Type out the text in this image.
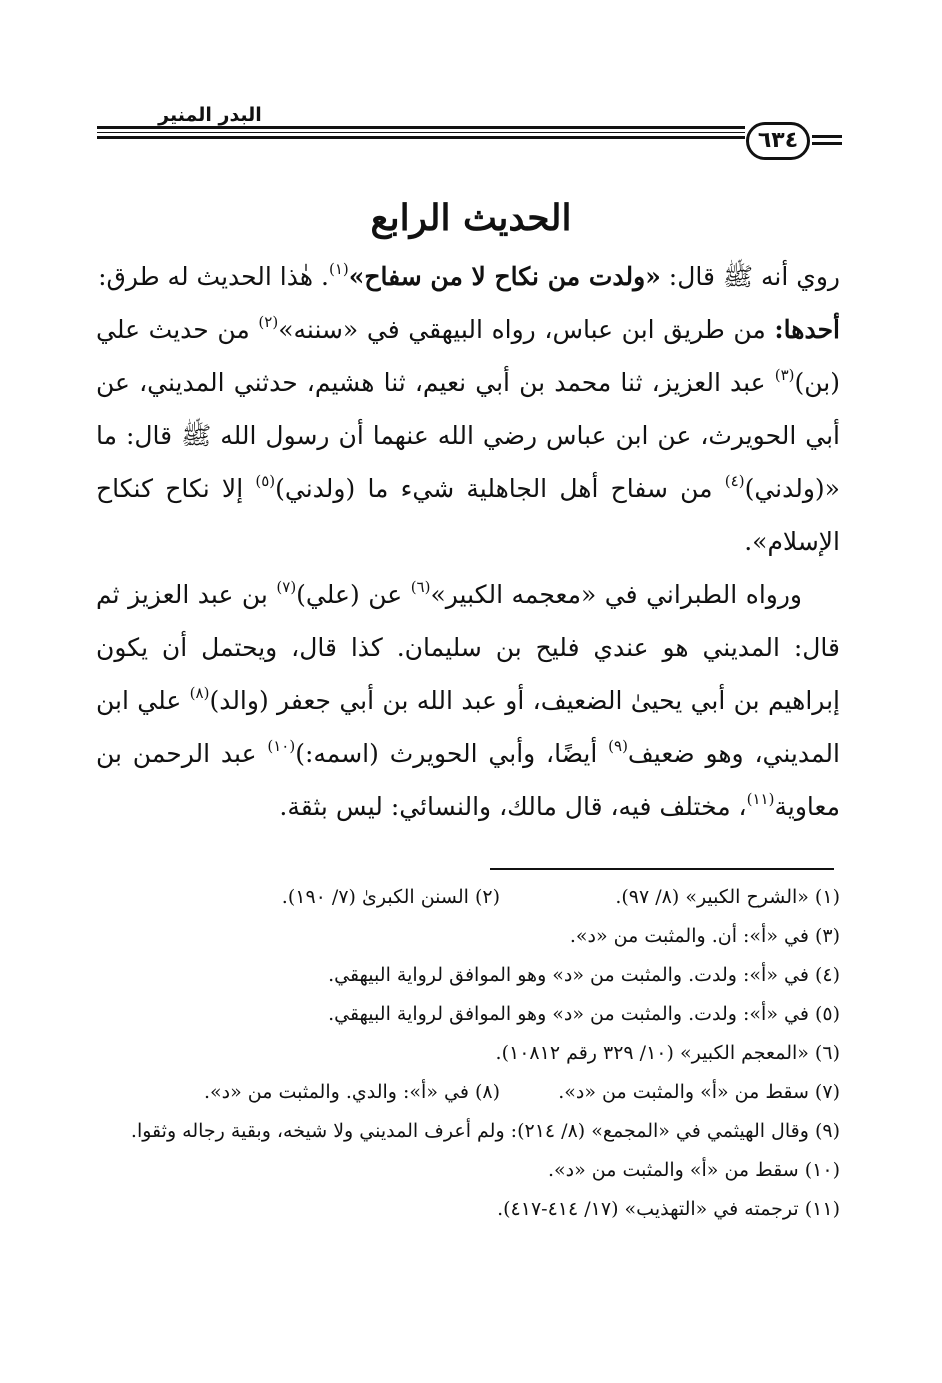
البدر المنير
٦٣٤
الحديث الرابع

روي أنه ﷺ قال: «ولدت من نكاح لا من سفاح»$^{(١)}$. هٰذا الحديث له طرق:

أحدها: من طريق ابن عباس، رواه البيهقي في «سننه»$^{(٢)}$ من حديث علي (بن)$^{(٣)}$ عبد العزيز، ثنا محمد بن أبي نعيم، ثنا هشيم، حدثني المديني، عن أبي الحويرث، عن ابن عباس رضي الله عنهما أن رسول الله ﷺ قال: ما «(ولدني)$^{(٤)}$ من سفاح أهل الجاهلية شيء ما (ولدني)$^{(٥)}$ إلا نكاح كنكاح الإسلام».

ورواه الطبراني في «معجمه الكبير»$^{(٦)}$ عن (علي)$^{(٧)}$ بن عبد العزيز ثم قال: المديني هو عندي فليح بن سليمان. كذا قال، ويحتمل أن يكون إبراهيم بن أبي يحيىٰ الضعيف، أو عبد الله بن أبي جعفر (والد)$^{(٨)}$ علي ابن المديني، وهو ضعيف$^{(٩)}$ أيضًا، وأبي الحويرث (اسمه:)$^{(١٠)}$ عبد الرحمن بن معاوية$^{(١١)}$، مختلف فيه، قال مالك، والنسائي: ليس بثقة.

(١) «الشرح الكبير» (٨/ ٩٧).
(٢) السنن الكبرىٰ (٧/ ١٩٠).

(٣) في «أ»: أن. والمثبت من «د».

(٤) في «أ»: ولدت. والمثبت من «د» وهو الموافق لرواية البيهقي.

(٥) في «أ»: ولدت. والمثبت من «د» وهو الموافق لرواية البيهقي.

(٦) «المعجم الكبير» (١٠/ ٣٢٩ رقم ١٠٨١٢).

(٧) سقط من «أ» والمثبت من «د».
(٨) في «أ»: والدي. والمثبت من «د».

(٩) وقال الهيثمي في «المجمع» (٨/ ٢١٤): ولم أعرف المديني ولا شيخه، وبقية رجاله وثقوا.

(١٠) سقط من «أ» والمثبت من «د».

(١١) ترجمته في «التهذيب» (١٧/ ٤١٤-٤١٧).
